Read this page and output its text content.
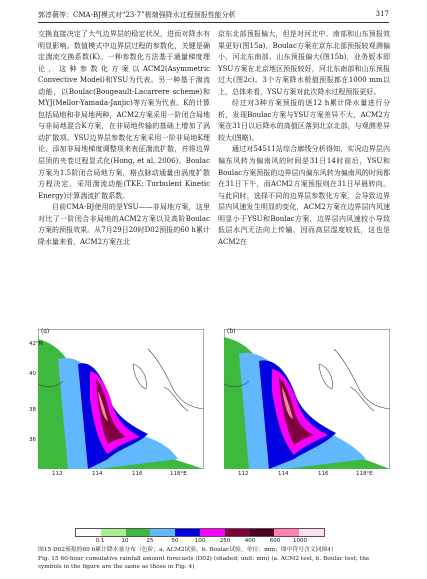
郭淳薇等：CMA-BJ模式对“23·7”极端强降水过程预报性能分析	317

交换直接决定了大气边界层的稳定状况，进而对降水有明显影响。数值模式中边界层过程的参数化，关键是确定湍流交换系数(K)。一种参数化方法基于通量梯度理论，这种参数化方案以ACM2(Asymmetric Convective Model)和YSU为代表。另一种基于湍流动能，以Boulac(Bougeault-Lacarrere scheme)和MYJ(Mellor-Yamada-Janjic)等方案为代表。K的计算包括局地和非局地两种，ACM2方案采用一阶闭合局地与非局地混合K方案，在非局地传输的基础上增加了涡动扩散项。YSU边界层参数化方案采用一阶非局地K理论，添加非局地梯度调整项来表征湍流扩散，并将边界层顶的夹卷过程显式化(Hong, et al, 2006)。Boulac方案为1.5阶闭合局地方案，格点脉动通量由涡度扩散方程决定，采用湍流动能(TKE; Turbulent Kinetic Energy)计算湍流扩散系数。

目前CMA-BJ使用的是YSU——非局地方案，这里对比了一阶闭合非局地的ACM2方案以及高阶Boulac方案的预报效果。从7月29日20时D02预报的60 h累计降水量来看，ACM2方案在北

京东北部预报偏大，但是对河北中、南部和山东预报效果更好(图15a)，Boulac方案在京东北部预报较观测偏小，河北东南部、山东预报偏大(图15b)，业务版本即YSU方案在北京地区预报较好，河北东南部和山东预报过大(图2c)。3个方案降水极值预报都在1000 mm以上，总体来看，YSU方案对此次降水过程预报更好。

经过对3种方案预报的逐12 h累计降水量进行分析，发现Boulac方案与YSU方案差异不大，ACM2方案在31日以后降水的高值区落到北京北部，与观测差异较大(图略)。

通过对54511站综合廓线分析得知，实况边界层内偏东风转为偏南风的时间是31日14时前后，YSU和Boulac方案预报的边界层内偏东风转为偏南风的时间都在31日下午，而ACM2方案预报则在31日早晨转向。与此同时，选择不同的边界层参数化方案，会导致边界层内风速发生明显的变化，ACM2方案在边界层内风速明显小于YSU和Boulac方案，边界层内风速较小导致低层水汽无法向上传输，因而高层湿度较低，这也是ACM2在

(a)
42°N
40
38
36
112	114	116	118°E
(b)
112	114	116	118°E
0.1	10	25	50	100	250	400	600 1000

图15 D02预报的60 h累计降水量分布（色阶；a. ACM2试验，b. Boulac试验，单位：mm；图中符号含义同图4）

Fig. 15 60-hour cumulative rainfall amount forecasts (D02) (shaded; unit: mm) (a. ACM2 test, b. Boulac test; the symbols in the figure are the same as those in Fig. 4)
